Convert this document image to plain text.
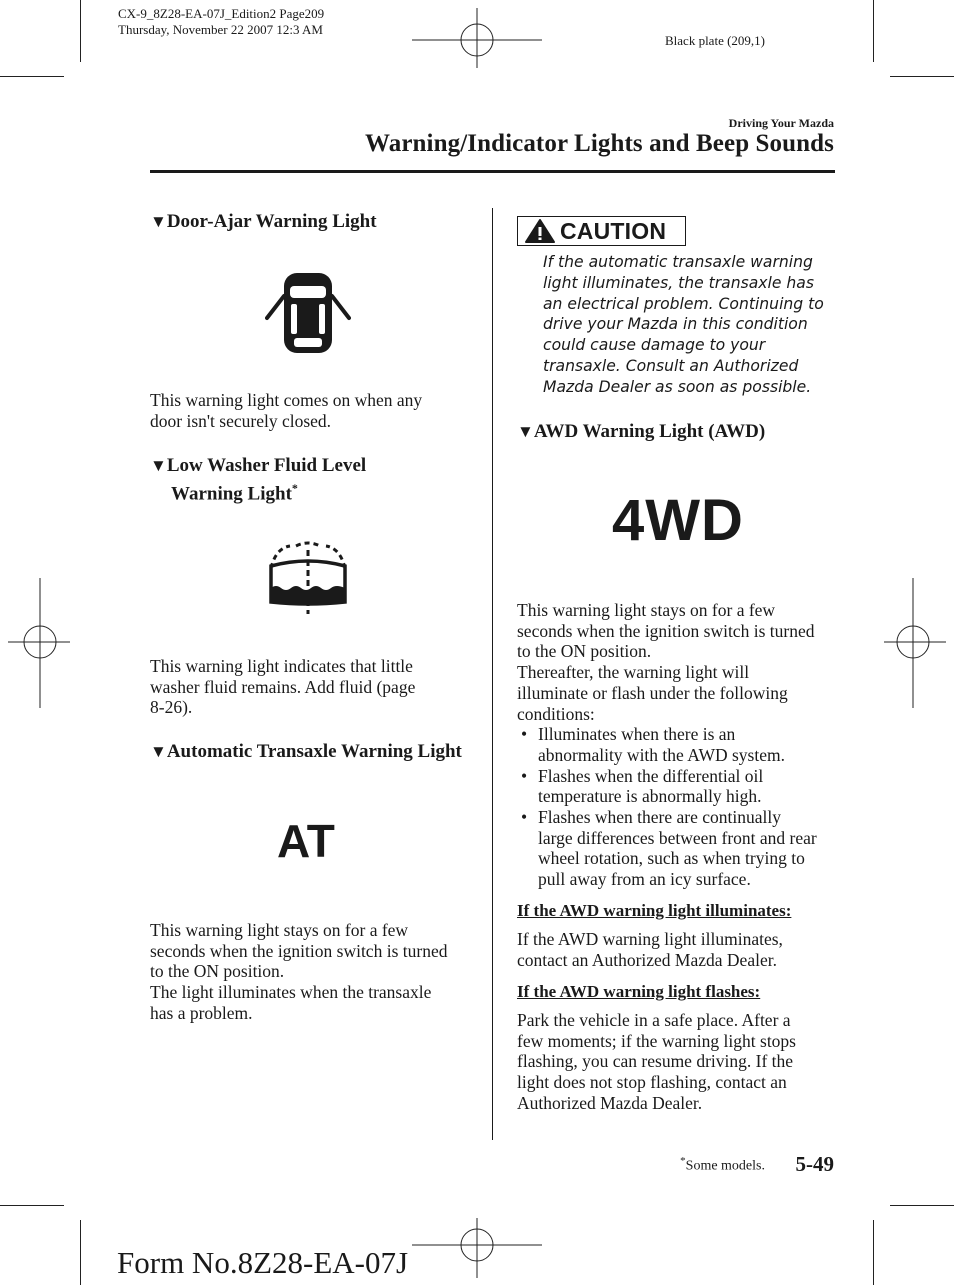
CX-9_8Z28-EA-07J_Edition2 Page209
Thursday, November 22 2007 12:3 AM
Black plate (209,1)
Driving Your Mazda
Warning/Indicator Lights and Beep Sounds
▼Door-Ajar Warning Light
This warning light comes on when any
door isn't securely closed.
▼Low Washer Fluid Level
Warning Light*
This warning light indicates that little
washer fluid remains. Add fluid (page
8-26).
▼Automatic Transaxle Warning Light
AT
This warning light stays on for a few
seconds when the ignition switch is turned
to the ON position.
The light illuminates when the transaxle
has a problem.
CAUTION
If the automatic transaxle warning
light illuminates, the transaxle has
an electrical problem. Continuing to
drive your Mazda in this condition
could cause damage to your
transaxle. Consult an Authorized
Mazda Dealer as soon as possible.
▼AWD Warning Light (AWD)
4WD
This warning light stays on for a few
seconds when the ignition switch is turned
to the ON position.
Thereafter, the warning light will
illuminate or flash under the following
conditions:
• Illuminates when there is an
abnormality with the AWD system.
• Flashes when the differential oil
temperature is abnormally high.
• Flashes when there are continually
large differences between front and rear
wheel rotation, such as when trying to
pull away from an icy surface.
If the AWD warning light illuminates:
If the AWD warning light illuminates,
contact an Authorized Mazda Dealer.
If the AWD warning light flashes:
Park the vehicle in a safe place. After a
few moments; if the warning light stops
flashing, you can resume driving. If the
light does not stop flashing, contact an
Authorized Mazda Dealer.
*Some models. 5-49
Form No.8Z28-EA-07J
